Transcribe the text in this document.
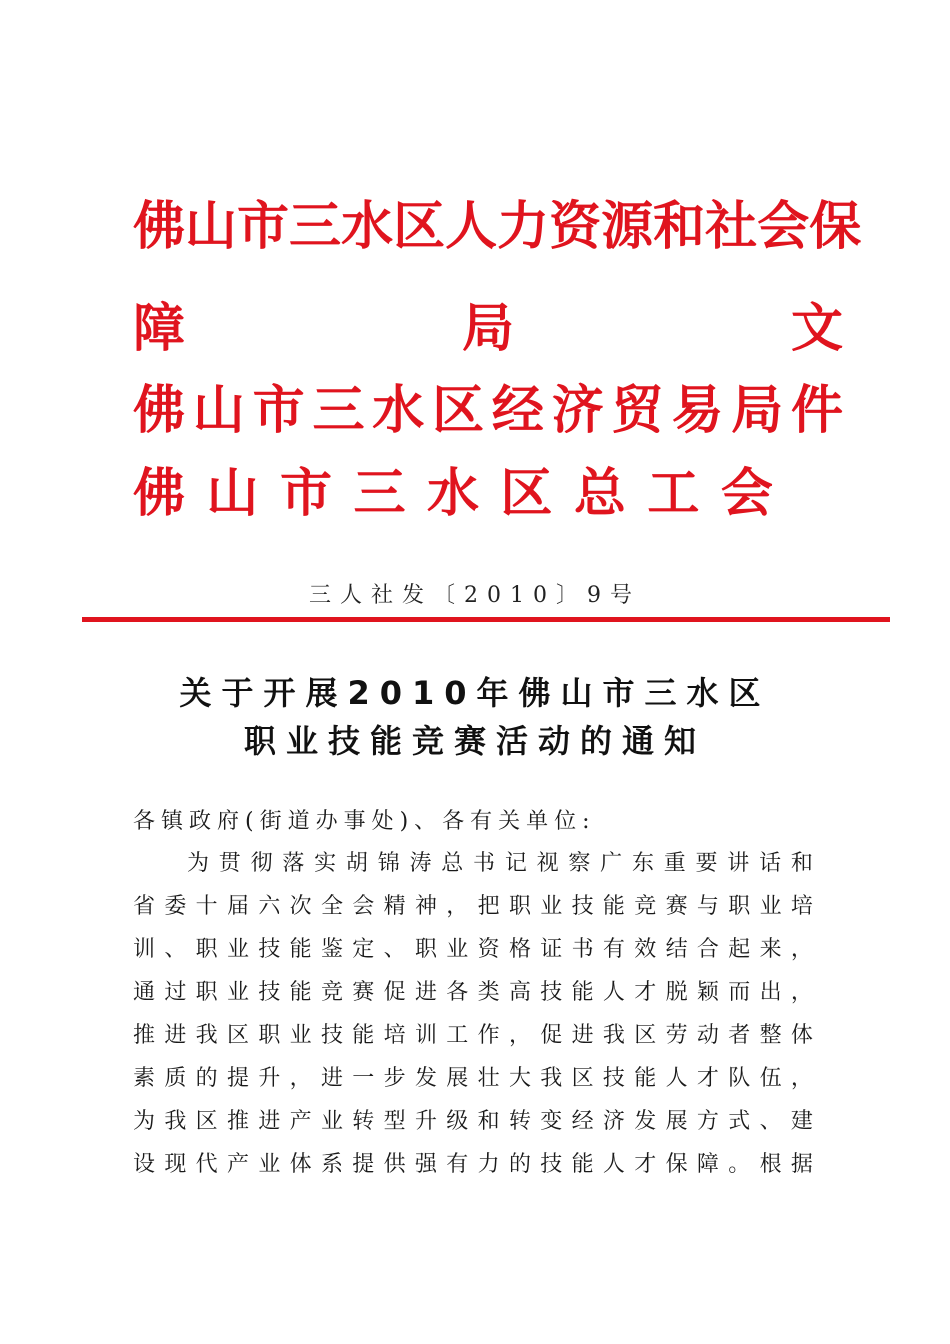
佛 山 市 三 水 区 人 力 资 源 和 社 会 保
障	局	文
佛 山 市 三 水 区 经 济 贸 易 局 件
佛 山 市 三 水 区 总 工 会
三人社发〔2010〕9号
关于开展2010年佛山市三水区
职业技能竞赛活动的通知
各镇政府(街道办事处)、各有关单位:
为 贯 彻 落 实 胡 锦 涛 总 书 记 视 察 广 东 重 要 讲 话 和
省 委 十 届 六 次 全 会 精 神 ， 把 职 业 技 能 竞 赛 与 职 业 培
训 、 职 业 技 能 鉴 定 、 职 业 资 格 证 书 有 效 结 合 起 来 ，
通 过 职 业 技 能 竞 赛 促 进 各 类 高 技 能 人 才 脱 颖 而 出 ，
推 进 我 区 职 业 技 能 培 训 工 作 ， 促 进 我 区 劳 动 者 整 体
素 质 的 提 升 ， 进 一 步 发 展 壮 大 我 区 技 能 人 才 队 伍 ，
为 我 区 推 进 产 业 转 型 升 级 和 转 变 经 济 发 展 方 式 、 建
设 现 代 产 业 体 系 提 供 强 有 力 的 技 能 人 才 保 障 。 根 据
